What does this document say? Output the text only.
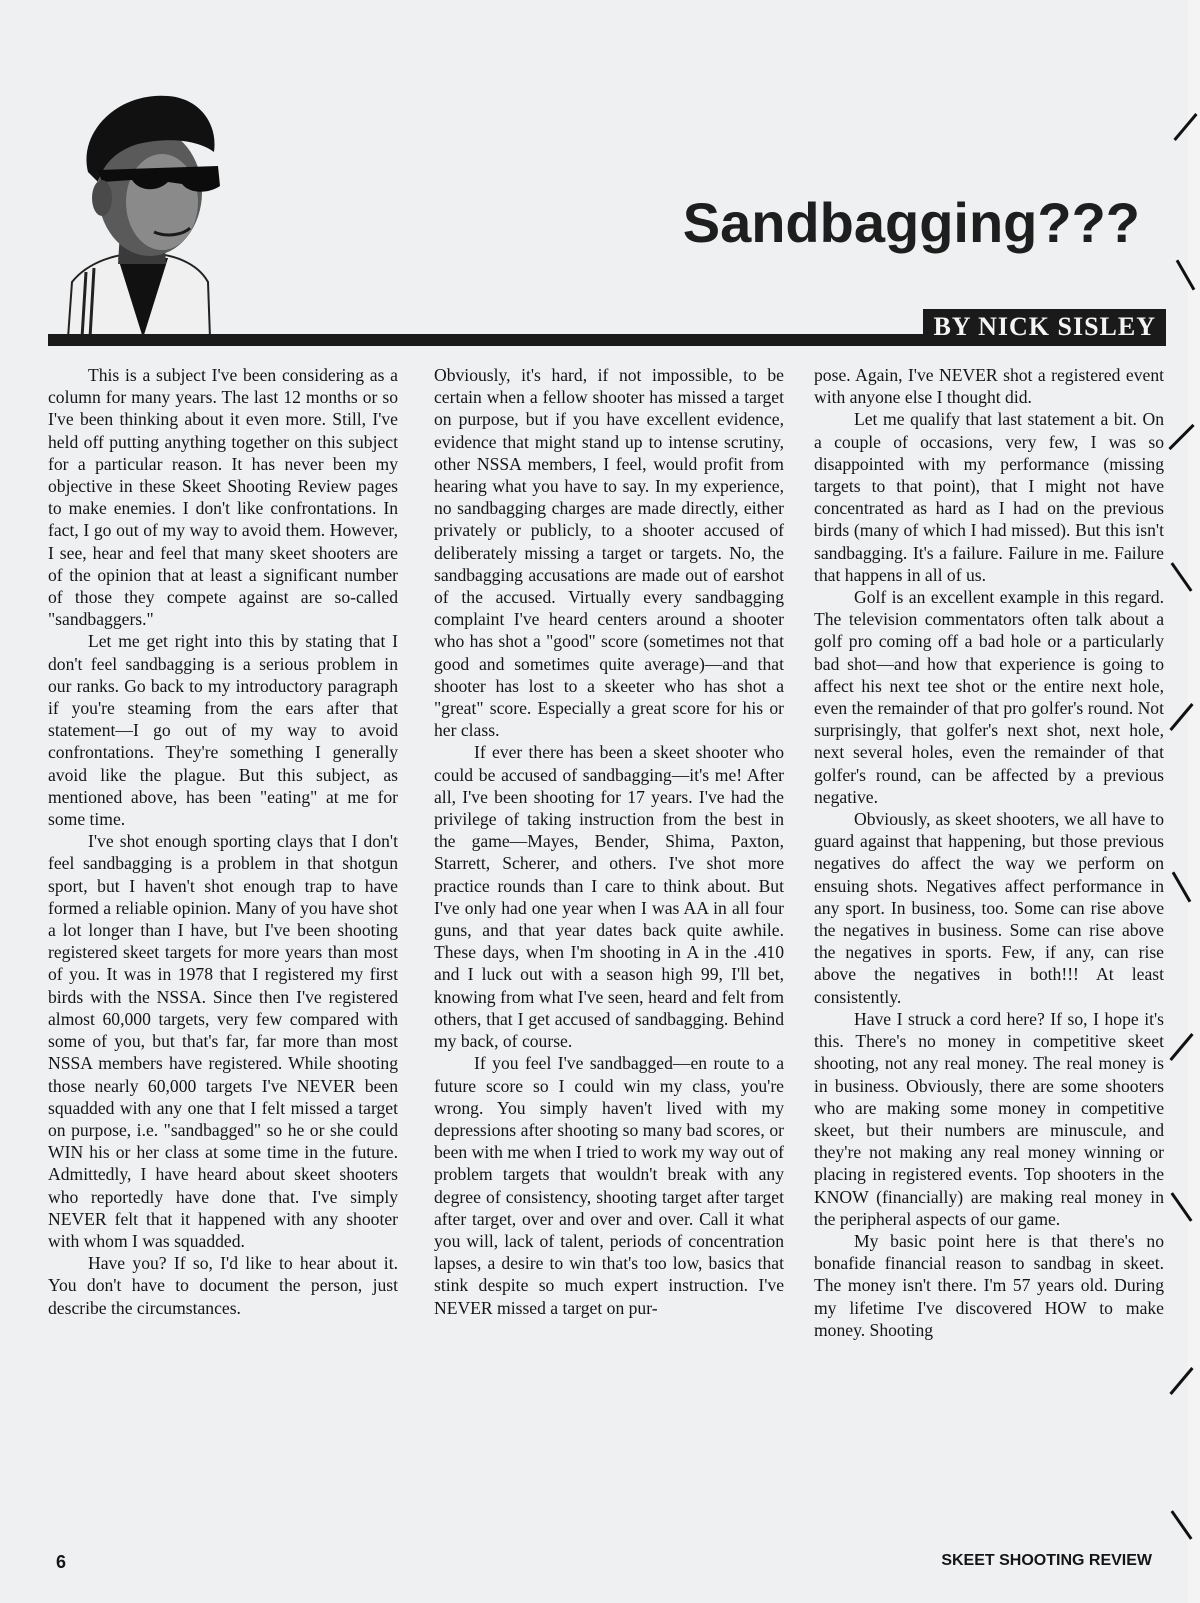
Sandbagging???
BY NICK SISLEY

This is a subject I've been considering as a column for many years. The last 12 months or so I've been thinking about it even more. Still, I've held off putting anything together on this subject for a particular reason. It has never been my objective in these Skeet Shooting Review pages to make enemies. I don't like confrontations. In fact, I go out of my way to avoid them. However, I see, hear and feel that many skeet shooters are of the opinion that at least a significant number of those they compete against are so-called "sandbaggers."

Let me get right into this by stating that I don't feel sandbagging is a serious problem in our ranks. Go back to my introductory paragraph if you're steaming from the ears after that statement—I go out of my way to avoid confrontations. They're something I generally avoid like the plague. But this subject, as mentioned above, has been "eating" at me for some time.

I've shot enough sporting clays that I don't feel sandbagging is a problem in that shotgun sport, but I haven't shot enough trap to have formed a reliable opinion. Many of you have shot a lot longer than I have, but I've been shooting registered skeet targets for more years than most of you. It was in 1978 that I registered my first birds with the NSSA. Since then I've registered almost 60,000 targets, very few compared with some of you, but that's far, far more than most NSSA members have registered. While shooting those nearly 60,000 targets I've NEVER been squadded with any one that I felt missed a target on purpose, i.e. "sandbagged" so he or she could WIN his or her class at some time in the future. Admittedly, I have heard about skeet shooters who reportedly have done that. I've simply NEVER felt that it happened with any shooter with whom I was squadded.

Have you? If so, I'd like to hear about it. You don't have to document the person, just describe the circumstances.

Obviously, it's hard, if not impossible, to be certain when a fellow shooter has missed a target on purpose, but if you have excellent evidence, evidence that might stand up to intense scrutiny, other NSSA members, I feel, would profit from hearing what you have to say. In my experience, no sandbagging charges are made directly, either privately or publicly, to a shooter accused of deliberately missing a target or targets. No, the sandbagging accusations are made out of earshot of the accused. Virtually every sandbagging complaint I've heard centers around a shooter who has shot a "good" score (sometimes not that good and sometimes quite average)—and that shooter has lost to a skeeter who has shot a "great" score. Especially a great score for his or her class.

If ever there has been a skeet shooter who could be accused of sandbagging—it's me! After all, I've been shooting for 17 years. I've had the privilege of taking instruction from the best in the game—Mayes, Bender, Shima, Paxton, Starrett, Scherer, and others. I've shot more practice rounds than I care to think about. But I've only had one year when I was AA in all four guns, and that year dates back quite awhile. These days, when I'm shooting in A in the .410 and I luck out with a season high 99, I'll bet, knowing from what I've seen, heard and felt from others, that I get accused of sandbagging. Behind my back, of course.

If you feel I've sandbagged—en route to a future score so I could win my class, you're wrong. You simply haven't lived with my depressions after shooting so many bad scores, or been with me when I tried to work my way out of problem targets that wouldn't break with any degree of consistency, shooting target after target after target, over and over and over. Call it what you will, lack of talent, periods of concentration lapses, a desire to win that's too low, basics that stink despite so much expert instruction. I've NEVER missed a target on pur-

pose. Again, I've NEVER shot a registered event with anyone else I thought did.

Let me qualify that last statement a bit. On a couple of occasions, very few, I was so disappointed with my performance (missing targets to that point), that I might not have concentrated as hard as I had on the previous birds (many of which I had missed). But this isn't sandbagging. It's a failure. Failure in me. Failure that happens in all of us.

Golf is an excellent example in this regard. The television commentators often talk about a golf pro coming off a bad hole or a particularly bad shot—and how that experience is going to affect his next tee shot or the entire next hole, even the remainder of that pro golfer's round. Not surprisingly, that golfer's next shot, next hole, next several holes, even the remainder of that golfer's round, can be affected by a previous negative.

Obviously, as skeet shooters, we all have to guard against that happening, but those previous negatives do affect the way we perform on ensuing shots. Negatives affect performance in any sport. In business, too. Some can rise above the negatives in business. Some can rise above the negatives in sports. Few, if any, can rise above the negatives in both!!! At least consistently.

Have I struck a cord here? If so, I hope it's this. There's no money in competitive skeet shooting, not any real money. The real money is in business. Obviously, there are some shooters who are making some money in competitive skeet, but their numbers are minuscule, and they're not making any real money winning or placing in registered events. Top shooters in the KNOW (financially) are making real money in the peripheral aspects of our game.

My basic point here is that there's no bonafide financial reason to sandbag in skeet. The money isn't there. I'm 57 years old. During my lifetime I've discovered HOW to make money. Shooting

6	SKEET SHOOTING REVIEW
